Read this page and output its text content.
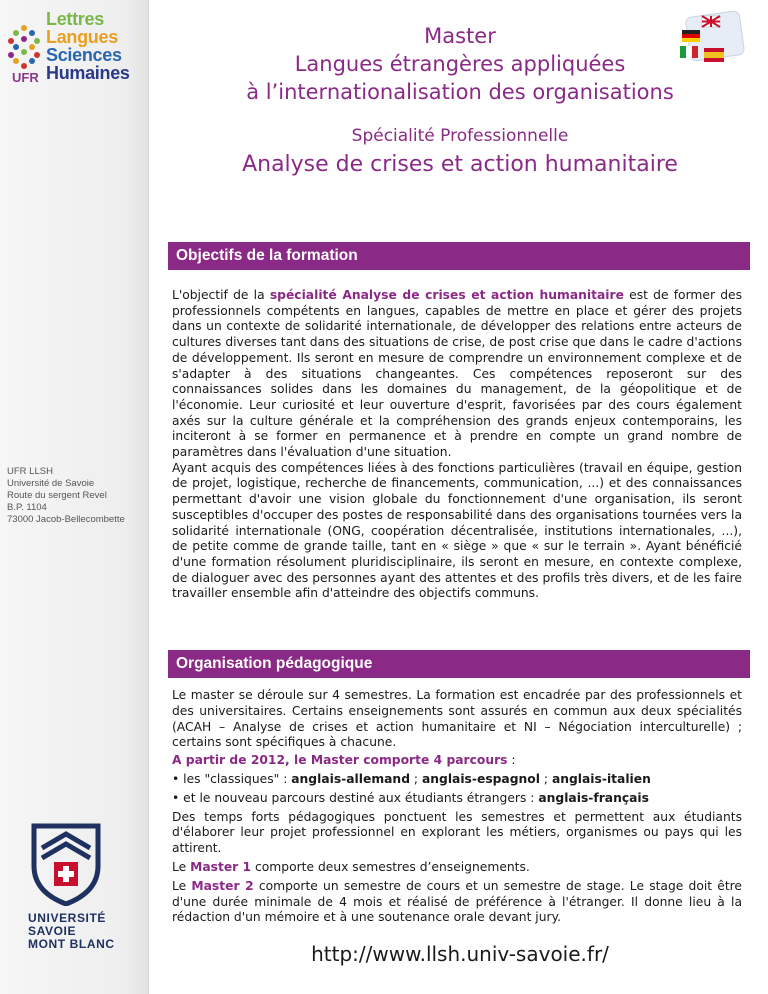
UFR
Lettres
Langues
Sciences
Humaines
UFR LLSH
Université de Savoie
Route du sergent Revel
B.P. 1104
73000 Jacob-Bellecombette
UNIVERSITÉ
SAVOIE
MONT BLANC
Master
Langues étrangères appliquées
à l’internationalisation des organisations
Spécialité Professionnelle
Analyse de crises et action humanitaire
Objectifs de la formation

L'objectif de la spécialité Analyse de crises et action humanitaire est de former des professionnels compétents en langues, capables de mettre en place et gérer des projets dans un contexte de solidarité internationale, de développer des relations entre acteurs de cultures diverses tant dans des situations de crise, de post crise que dans le cadre d'actions de développement. Ils seront en mesure de comprendre un environnement complexe et de s'adapter à des situations changeantes. Ces compétences reposeront sur des connaissances solides dans les domaines du management, de la géopolitique et de l'économie. Leur curiosité et leur ouverture d'esprit, favorisées par des cours également axés sur la culture générale et la compréhension des grands enjeux contemporains, les inciteront à se former en permanence et à prendre en compte un grand nombre de paramètres dans l'évaluation d'une situation.

Ayant acquis des compétences liées à des fonctions particulières (travail en équipe, gestion de projet, logistique, recherche de financements, communication, ...) et des connaissances permettant d'avoir une vision globale du fonctionnement d'une organisation, ils seront susceptibles d'occuper des postes de responsabilité dans des organisations tournées vers la solidarité internationale (ONG, coopération décentralisée, institutions internationales, ...), de petite comme de grande taille, tant en « siège » que « sur le terrain ». Ayant bénéficié d'une formation résolument pluridisciplinaire, ils seront en mesure, en contexte complexe, de dialoguer avec des personnes ayant des attentes et des profils très divers, et de les faire travailler ensemble afin d'atteindre des objectifs communs.

Organisation pédagogique

Le master se déroule sur 4 semestres. La formation est encadrée par des professionnels et des universitaires. Certains enseignements sont assurés en commun aux deux spécialités (ACAH – Analyse de crises et action humanitaire et NI – Négociation interculturelle) ; certains sont spécifiques à chacune.

A partir de 2012, le Master comporte 4 parcours :

• les "classiques" : anglais-allemand ; anglais-espagnol ; anglais-italien

• et le nouveau parcours destiné aux étudiants étrangers : anglais-français

Des temps forts pédagogiques ponctuent les semestres et permettent aux étudiants d'élaborer leur projet professionnel en explorant les métiers, organismes ou pays qui les attirent.

Le Master 1 comporte deux semestres d’enseignements.

Le Master 2 comporte un semestre de cours et un semestre de stage. Le stage doit être d'une durée minimale de 4 mois et réalisé de préférence à l'étranger. Il donne lieu à la rédaction d'un mémoire et à une soutenance orale devant jury.

http://www.llsh.univ-savoie.fr/
